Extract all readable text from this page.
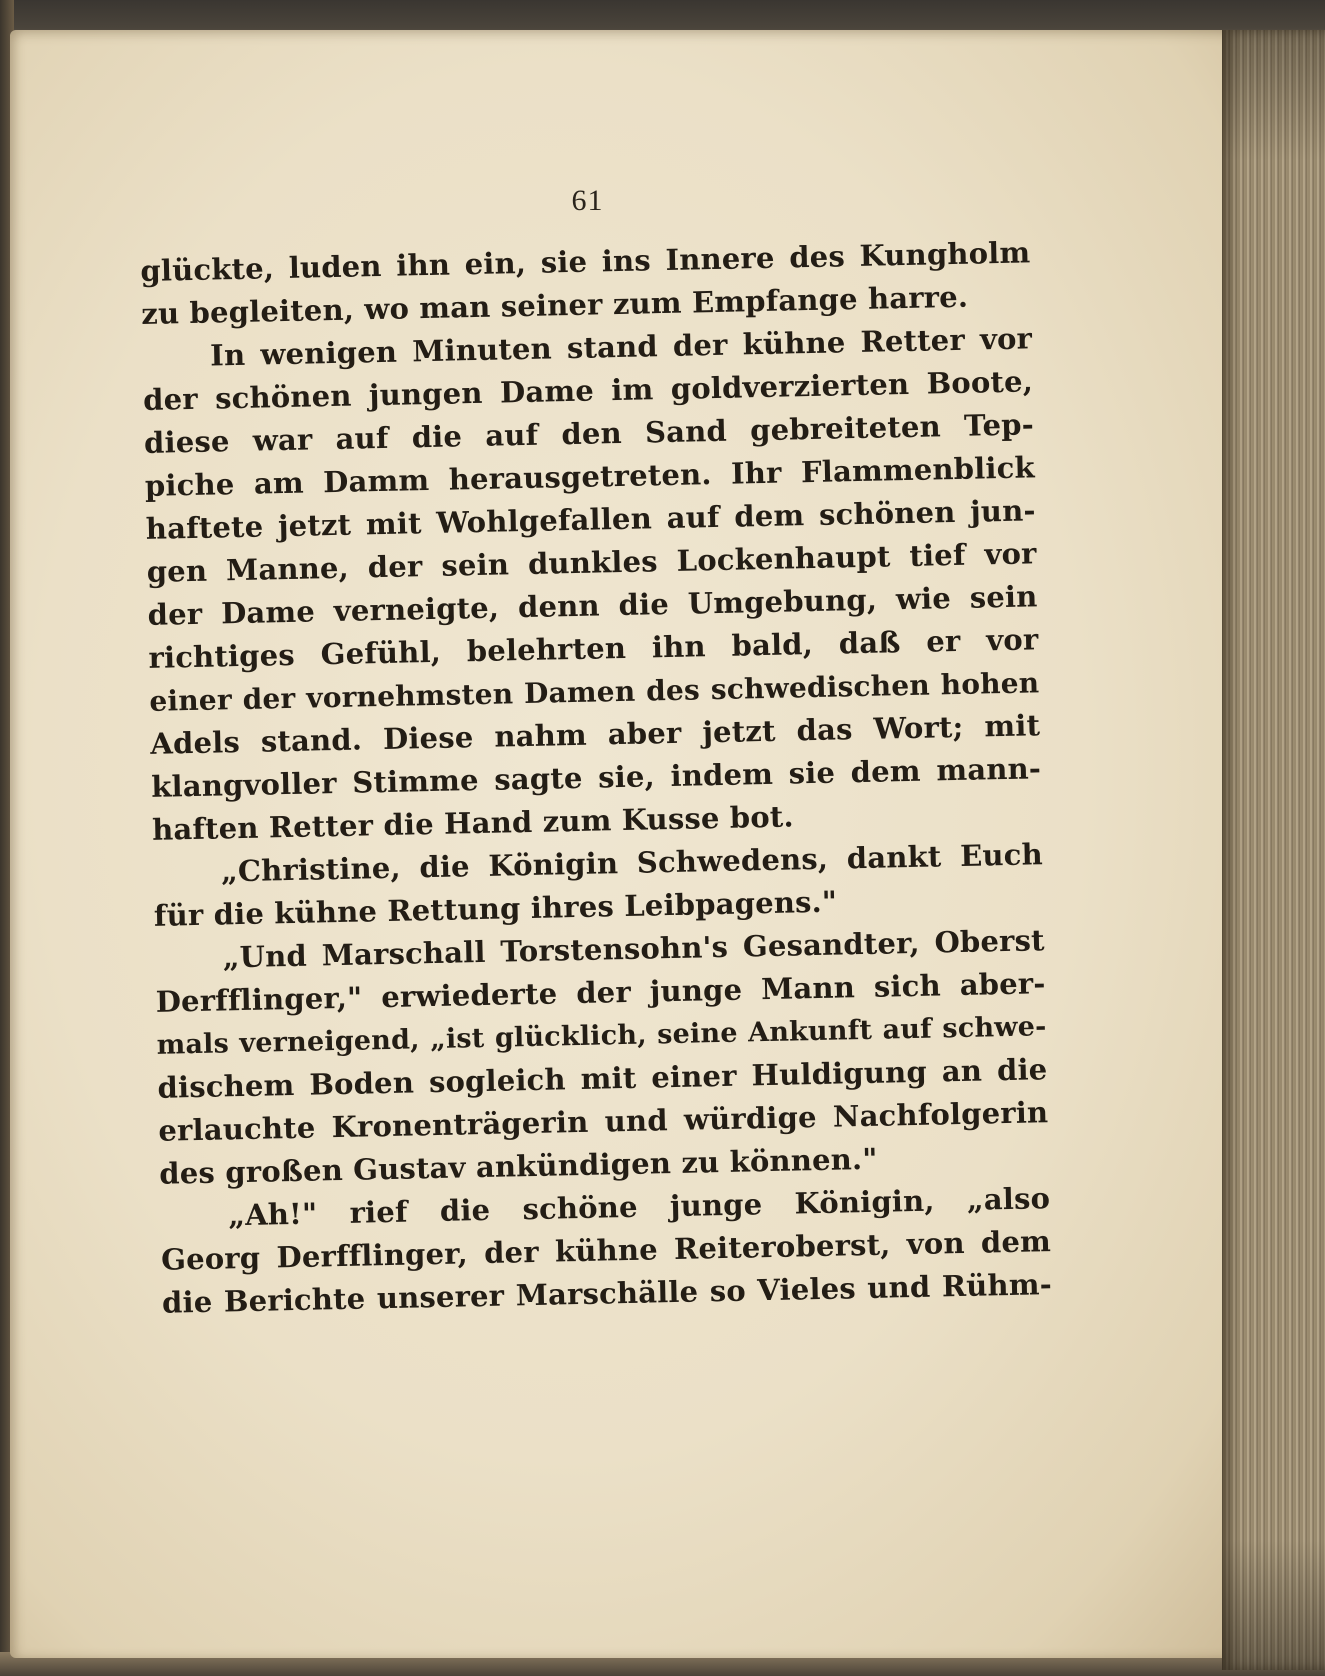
61
glückte, luden ihn ein, sie ins Innere des Kungholm
zu begleiten, wo man seiner zum Empfange harre.
In wenigen Minuten stand der kühne Retter vor
der schönen jungen Dame im goldverzierten Boote,
diese war auf die auf den Sand gebreiteten Tep-
piche am Damm herausgetreten. Ihr Flammenblick
haftete jetzt mit Wohlgefallen auf dem schönen jun-
gen Manne, der sein dunkles Lockenhaupt tief vor
der Dame verneigte, denn die Umgebung, wie sein
richtiges Gefühl, belehrten ihn bald, daß er vor
einer der vornehmsten Damen des schwedischen hohen
Adels stand. Diese nahm aber jetzt das Wort; mit
klangvoller Stimme sagte sie, indem sie dem mann-
haften Retter die Hand zum Kusse bot.
„Christine, die Königin Schwedens, dankt Euch
für die kühne Rettung ihres Leibpagens."
„Und Marschall Torstensohn's Gesandter, Oberst
Derfflinger," erwiederte der junge Mann sich aber-
mals verneigend, „ist glücklich, seine Ankunft auf schwe-
dischem Boden sogleich mit einer Huldigung an die
erlauchte Kronenträgerin und würdige Nachfolgerin
des großen Gustav ankündigen zu können."
„Ah!" rief die schöne junge Königin, „also
Georg Derfflinger, der kühne Reiteroberst, von dem
die Berichte unserer Marschälle so Vieles und Rühm-
